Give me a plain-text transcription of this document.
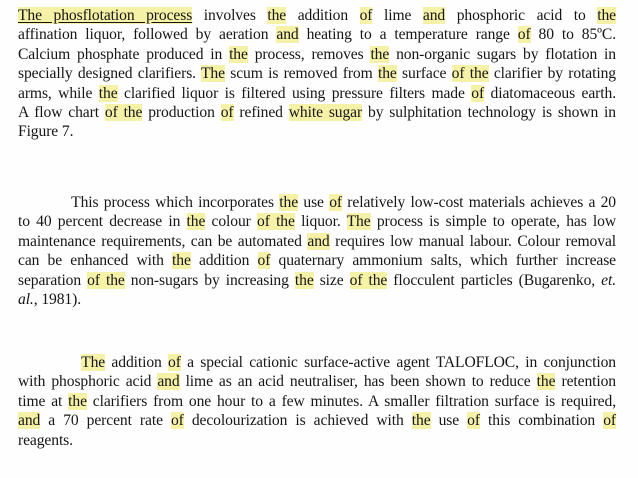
The phosflotation process involves the addition of lime and phosphoric acid to the
affination liquor, followed by aeration and heating to a temperature range of 80 to 85ºC.
Calcium phosphate produced in the process, removes the non-organic sugars by flotation in
specially designed clarifiers. The scum is removed from the surface of the clarifier by rotating
arms, while the clarified liquor is filtered using pressure filters made of diatomaceous earth.
A flow chart of the production of refined white sugar by sulphitation technology is shown in
Figure 7.

This process which incorporates the use of relatively low-cost materials achieves a 20
to 40 percent decrease in the colour of the liquor. The process is simple to operate, has low
maintenance requirements, can be automated and requires low manual labour. Colour removal
can be enhanced with the addition of quaternary ammonium salts, which further increase
separation of the non-sugars by increasing the size of the flocculent particles (Bugarenko, et.
al., 1981).

The addition of a special cationic surface-active agent TALOFLOC, in conjunction
with phosphoric acid and lime as an acid neutraliser, has been shown to reduce the retention
time at the clarifiers from one hour to a few minutes. A smaller filtration surface is required,
and a 70 percent rate of decolourization is achieved with the use of this combination of
reagents.
